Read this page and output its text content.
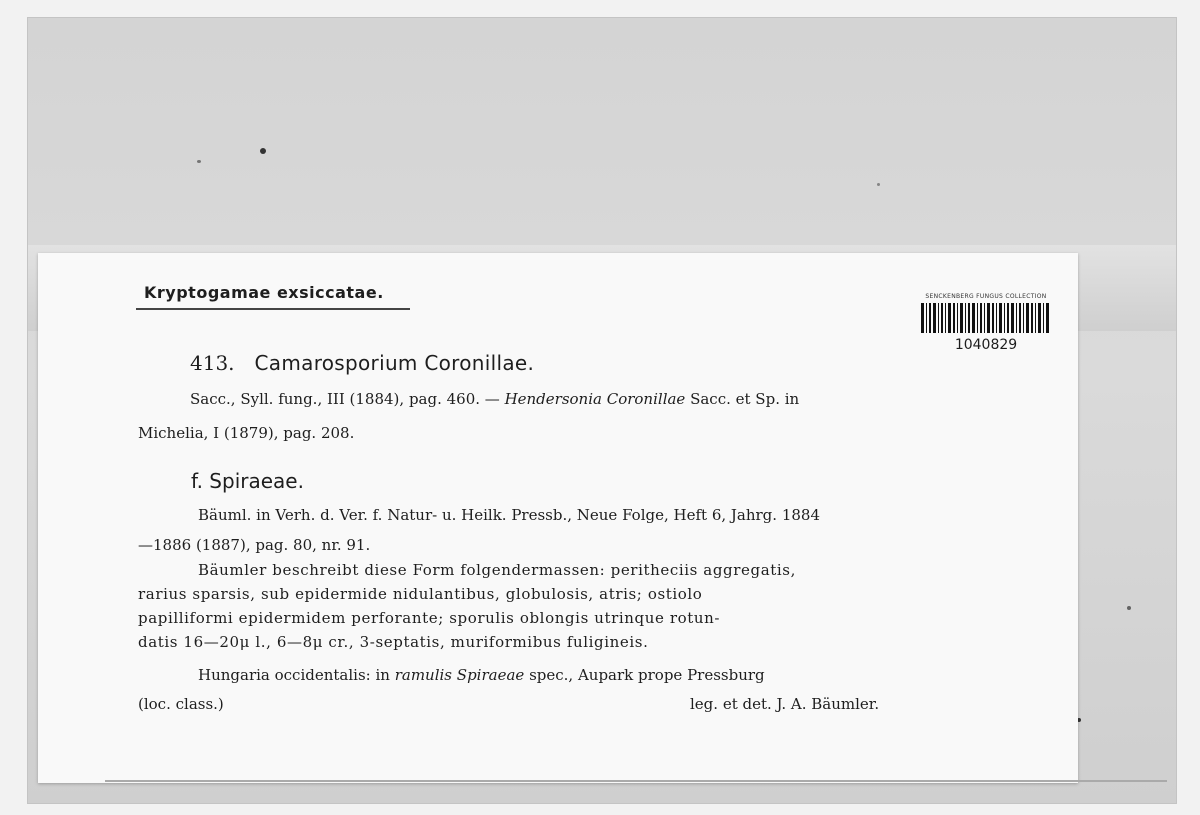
Kryptogamae exsiccatae.	SENCKENBERG FUNGUS COLLECTION
1040829
413. Camarosporium Coronillae.

Sacc., Syll. fung., III (1884), pag. 460. — Hendersonia Coronillae Sacc. et Sp. in

Michelia, I (1879), pag. 208.

f. Spiraeae.

Bäuml. in Verh. d. Ver. f. Natur- u. Heilk. Pressb., Neue Folge, Heft 6, Jahrg. 1884

—1886 (1887), pag. 80, nr. 91.

Bäumler beschreibt diese Form folgendermassen: peritheciis aggregatis,
rarius sparsis, sub epidermide nidulantibus, globulosis, atris; ostiolo
papilliformi epidermidem perforante; sporulis oblongis utrinque rotun-
datis 16—20μ l., 6—8μ cr., 3-septatis, muriformibus fuligineis.

Hungaria occidentalis: in ramulis Spiraeae spec., Aupark prope Pressburg

(loc. class.)	leg. et det. J. A. Bäumler.
